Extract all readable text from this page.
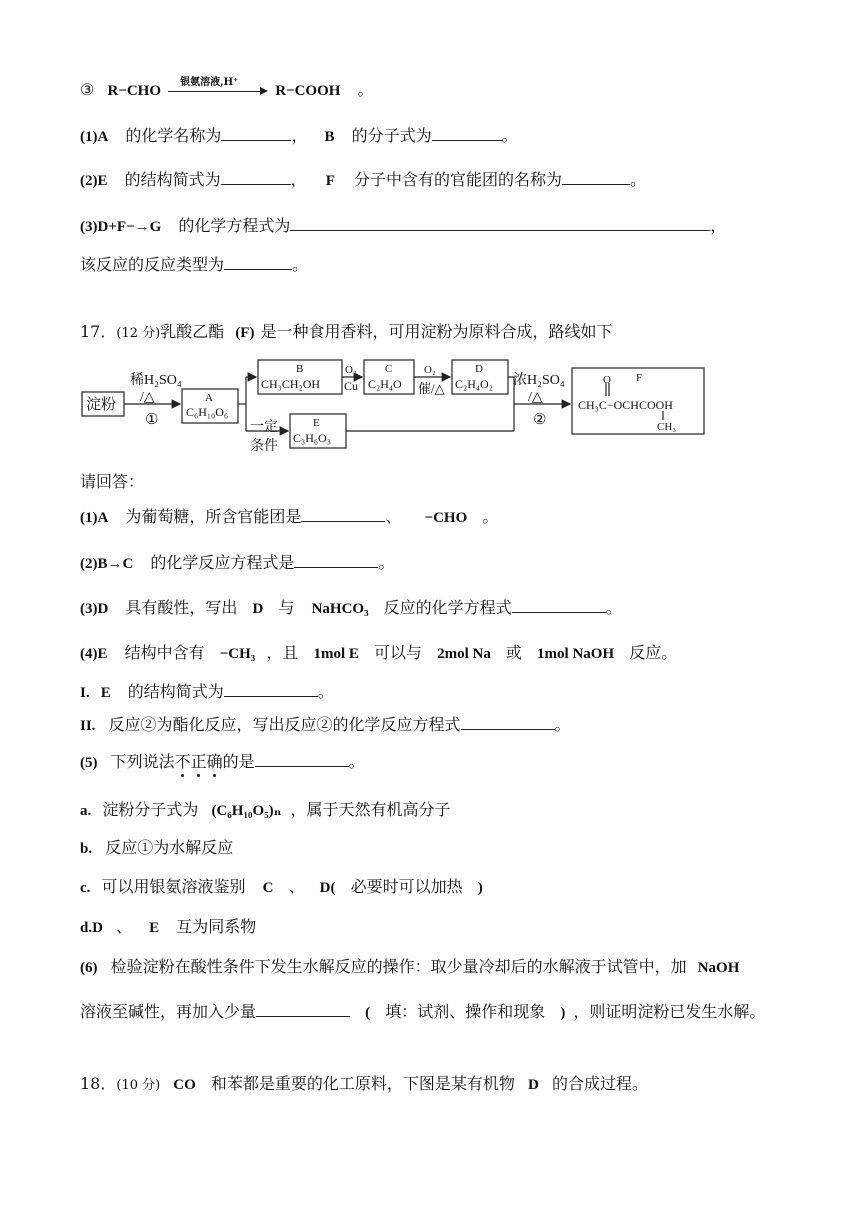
③ R−CHO
银氨溶液,H⁺
R−COOH 。
(1)A 的化学名称为	， B 的分子式为	。
(2)E 的结构简式为	， F 分子中含有的官能团的名称为	。
(3)D+F−→G 的化学方程式为	，
该反应的反应类型为	。
17．(12 分)乳酸乙酯 (F) 是一种食用香料，可用淀粉为原料合成，路线如下
淀粉
稀H₂SO₄
/△
①
A
C₆H₁₀O₆
B
CH₃CH₂OH
O₂
Cu
C
C₂H₄O
O₂
催/△
D
C₂H₄O₂ 浓H₂SO₄
/△
②
一定
条件
E
C₃H₆O₃
F
O
CH₃C−OCHCOOH
CH₃
请回答：
(1)A 为葡萄糖，所含官能团是	、 −CHO 。
(2)B→C 的化学反应方程式是	。
(3)D 具有酸性，写出 D 与 NaHCO₃ 反应的化学方程式	。
(4)E 结构中含有 −CH₃ ，且 1mol E 可以与 2mol Na 或 1mol NaOH 反应。
I. E 的结构简式为	。
II. 反应②为酯化反应，写出反应②的化学反应方程式	。
(5) 下列说法不正确的是	。
a. 淀粉分子式为 (C₆H₁₀O₅)ₙ ，属于天然有机高分子
b. 反应①为水解反应
c. 可以用银氨溶液鉴别 C 、 D( 必要时可以加热 )
d.D 、 E 互为同系物
(6) 检验淀粉在酸性条件下发生水解反应的操作：取少量冷却后的水解液于试管中，加 NaOH
溶液至碱性，再加入少量	( 填：试剂、操作和现象 ) ，则证明淀粉已发生水解。
18．(10 分) CO 和苯都是重要的化工原料，下图是某有机物 D 的合成过程。
